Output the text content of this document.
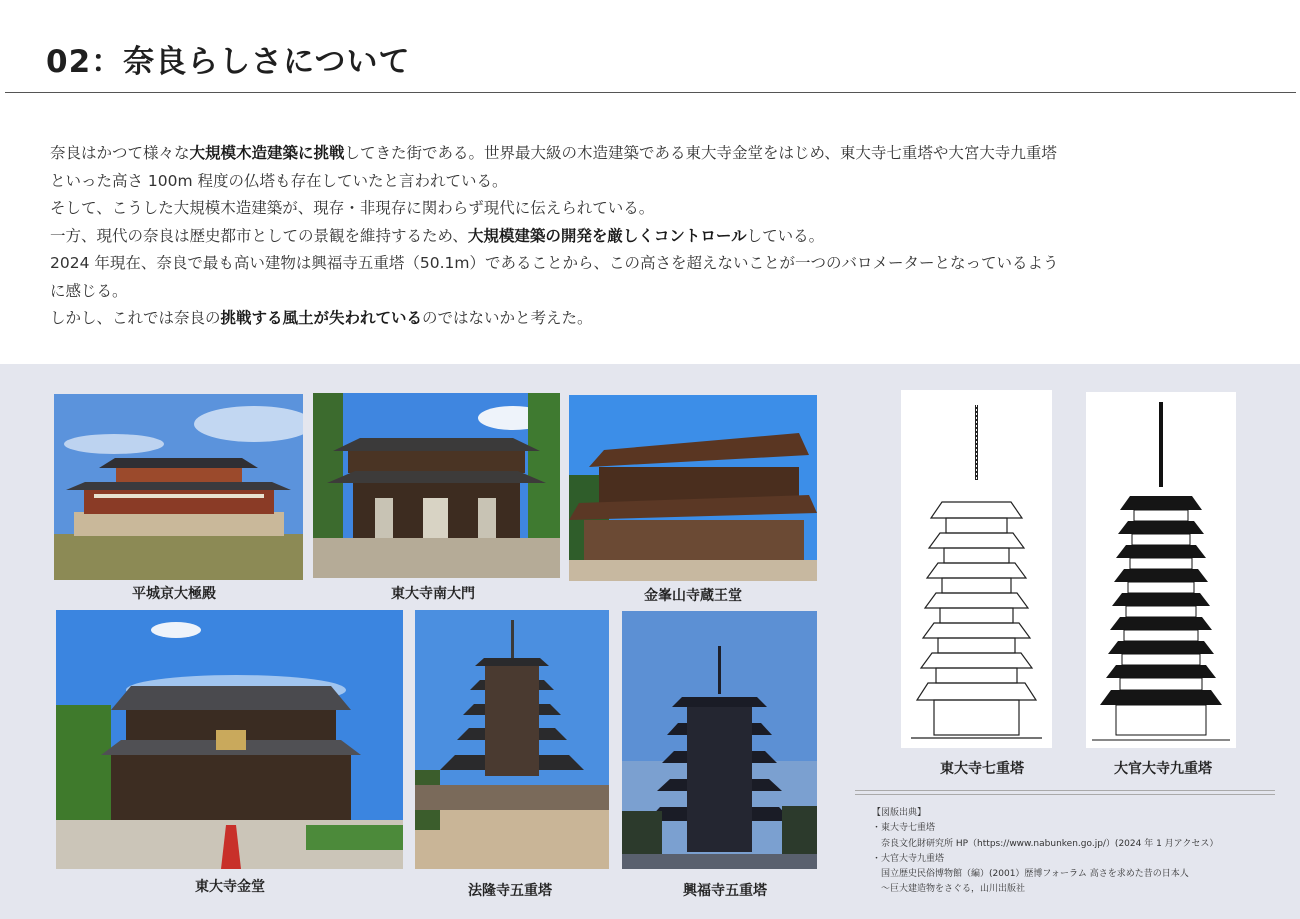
02：奈良らしさについて

奈良はかつて様々な大規模木造建築に挑戦してきた街である。世界最大級の木造建築である東大寺金堂をはじめ、東大寺七重塔や大宮大寺九重塔

といった高さ 100m 程度の仏塔も存在していたと言われている。

そして、こうした大規模木造建築が、現存・非現存に関わらず現代に伝えられている。

一方、現代の奈良は歴史都市としての景観を維持するため、大規模建築の開発を厳しくコントロールしている。

2024 年現在、奈良で最も高い建物は興福寺五重塔（50.1m）であることから、この高さを超えないことが一つのバロメーターとなっているよう

に感じる。

しかし、これでは奈良の挑戦する風土が失われているのではないかと考えた。

平城京大極殿	東大寺南大門	金峯山寺蔵王堂
東大寺金堂	法隆寺五重塔	興福寺五重塔
東大寺七重塔	大官大寺九重塔
【図版出典】
・東大寺七重塔
奈良文化財研究所 HP（https://www.nabunken.go.jp/）(2024 年 1 月アクセス）
・大官大寺九重塔
国立歴史民俗博物館（編）(2001）歴博フォーラム 高さを求めた昔の日本人
〜巨大建造物をさぐる，山川出版社
